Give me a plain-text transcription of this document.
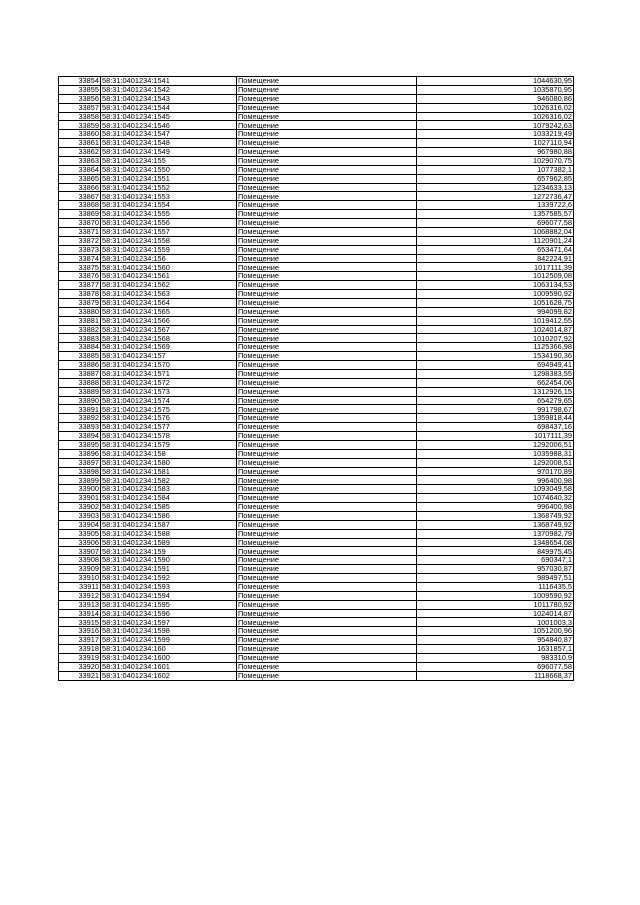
33854	58:31:0401234:1541	Помещение	1044630,95
33855	58:31:0401234:1542	Помещение	1035870,95
33856	58:31:0401234:1543	Помещение	946080,86
33857	58:31:0401234:1544	Помещение	1026316,02
33858	58:31:0401234:1545	Помещение	1026316,02
33859	58:31:0401234:1546	Помещение	1079242,63
33860	58:31:0401234:1547	Помещение	1033219,49
33861	58:31:0401234:1548	Помещение	1027110,94
33862	58:31:0401234:1549	Помещение	967980,88
33863	58:31:0401234:155	Помещение	1029070,75
33864	58:31:0401234:1550	Помещение	1077382,1
33865	58:31:0401234:1551	Помещение	657962,85
33866	58:31:0401234:1552	Помещение	1234633,13
33867	58:31:0401234:1553	Помещение	1272736,47
33868	58:31:0401234:1554	Помещение	1339722,6
33869	58:31:0401234:1555	Помещение	1357585,57
33870	58:31:0401234:1556	Помещение	696077,58
33871	58:31:0401234:1557	Помещение	1068882,04
33872	58:31:0401234:1558	Помещение	1120901,24
33873	58:31:0401234:1559	Помещение	653471,64
33874	58:31:0401234:156	Помещение	842224,91
33875	58:31:0401234:1560	Помещение	1017111,39
33876	58:31:0401234:1561	Помещение	1012509,08
33877	58:31:0401234:1562	Помещение	1063134,53
33878	58:31:0401234:1563	Помещение	1009590,92
33879	58:31:0401234:1564	Помещение	1051628,75
33880	58:31:0401234:1565	Помещение	994099,82
33881	58:31:0401234:1566	Помещение	1019412,55
33882	58:31:0401234:1567	Помещение	1024014,87
33883	58:31:0401234:1568	Помещение	1010207,92
33884	58:31:0401234:1569	Помещение	1125366,98
33885	58:31:0401234:157	Помещение	1534190,36
33886	58:31:0401234:1570	Помещение	694949,41
33887	58:31:0401234:1571	Помещение	1298383,55
33888	58:31:0401234:1572	Помещение	662454,06
33889	58:31:0401234:1573	Помещение	1312926,15
33890	58:31:0401234:1574	Помещение	654279,65
33891	58:31:0401234:1575	Помещение	991798,67
33892	58:31:0401234:1576	Помещение	1359818,44
33893	58:31:0401234:1577	Помещение	698437,16
33894	58:31:0401234:1578	Помещение	1017111,39
33895	58:31:0401234:1579	Помещение	1292006,51
33896	58:31:0401234:158	Помещение	1035988,31
33897	58:31:0401234:1580	Помещение	1292008,51
33898	58:31:0401234:1581	Помещение	970170,89
33899	58:31:0401234:1582	Помещение	996400,98
33900	58:31:0401234:1583	Помещение	1093049,58
33901	58:31:0401234:1584	Помещение	1074640,32
33902	58:31:0401234:1585	Помещение	996400,98
33903	58:31:0401234:1586	Помещение	1368749,92
33904	58:31:0401234:1587	Помещение	1368749,92
33905	58:31:0401234:1588	Помещение	1370982,79
33906	58:31:0401234:1589	Помещение	1348654,08
33907	58:31:0401234:159	Помещение	849975,45
33908	58:31:0401234:1590	Помещение	690347,1
33909	58:31:0401234:1591	Помещение	957030,87
33910	58:31:0401234:1592	Помещение	989497,51
33911	58:31:0401234:1593	Помещение	1116435,5
33912	58:31:0401234:1594	Помещение	1009590,92
33913	58:31:0401234:1595	Помещение	1011780,92
33914	58:31:0401234:1596	Помещение	1024014,87
33915	58:31:0401234:1597	Помещение	1001003,3
33916	58:31:0401234:1598	Помещение	1051200,96
33917	58:31:0401234:1599	Помещение	954840,87
33918	58:31:0401234:160	Помещение	1631857,1
33919	58:31:0401234:1600	Помещение	983310,9
33920	58:31:0401234:1601	Помещение	696077,58
33921	58:31:0401234:1602	Помещение	1118668,37
